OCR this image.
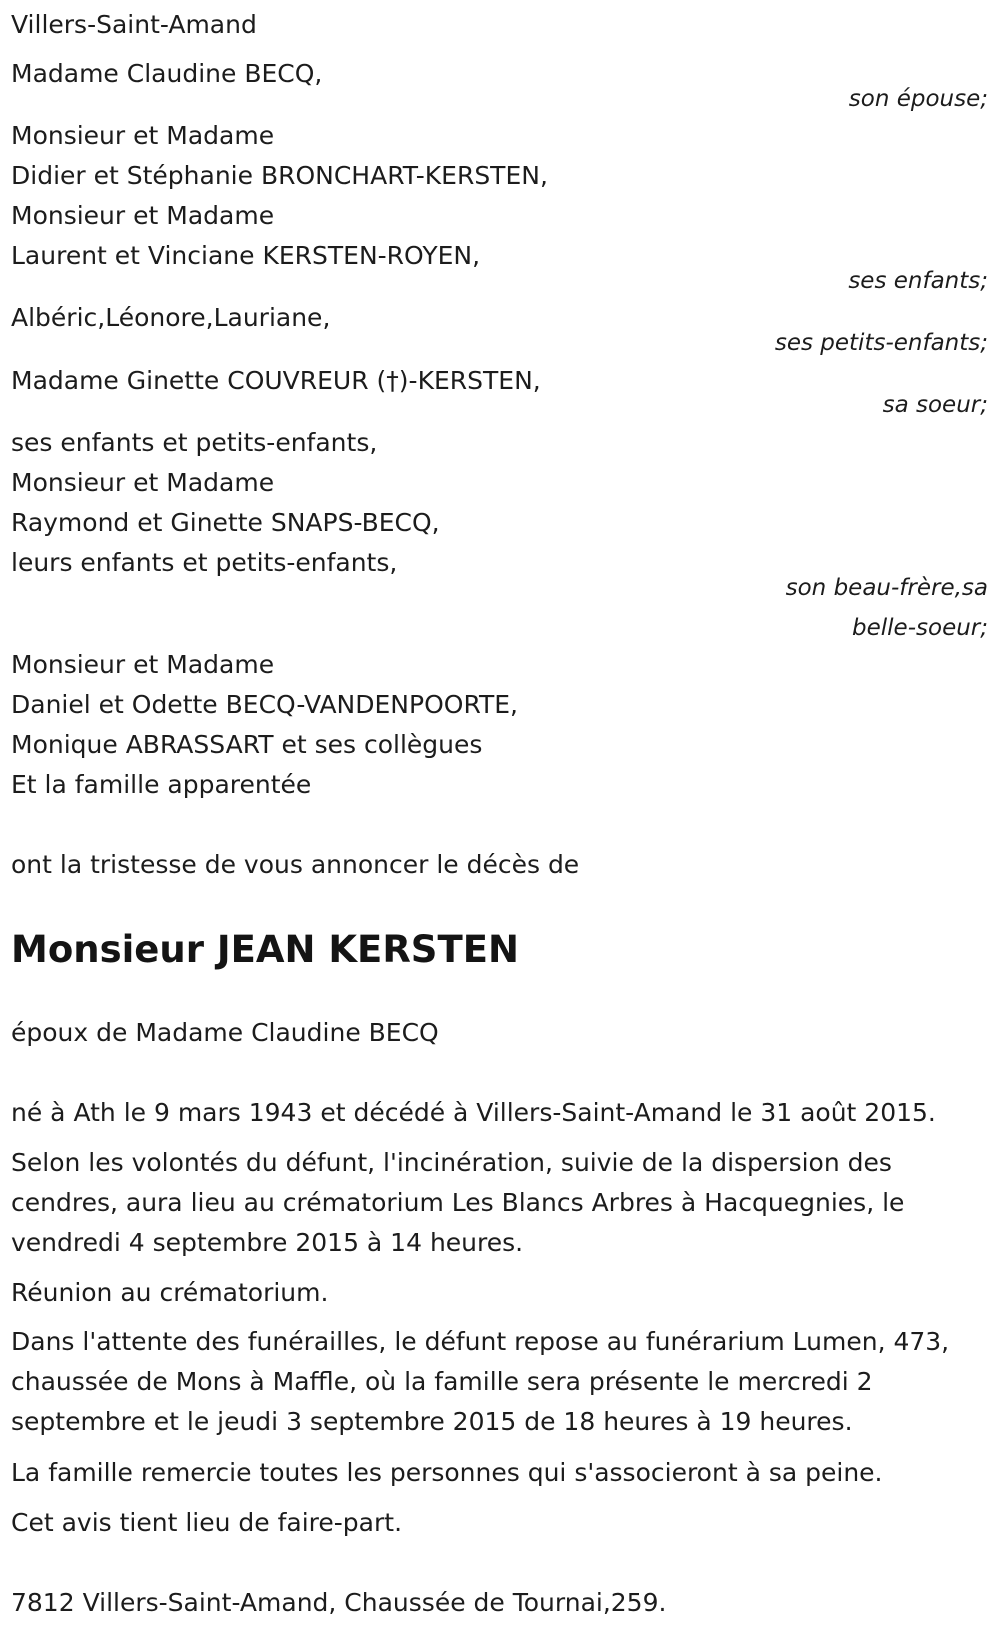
Villers-Saint-Amand
Madame Claudine BECQ,
son épouse;
Monsieur et Madame
Didier et Stéphanie BRONCHART-KERSTEN,
Monsieur et Madame
Laurent et Vinciane KERSTEN-ROYEN,
ses enfants;
Albéric,Léonore,Lauriane,
ses petits-enfants;
Madame Ginette COUVREUR (†)-KERSTEN,
sa soeur;
ses enfants et petits-enfants,
Monsieur et Madame
Raymond et Ginette SNAPS-BECQ,
leurs enfants et petits-enfants,
son beau-frère,sa
belle-soeur;
Monsieur et Madame
Daniel et Odette BECQ-VANDENPOORTE,
Monique ABRASSART et ses collègues
Et la famille apparentée
ont la tristesse de vous annoncer le décès de
Monsieur JEAN KERSTEN
époux de Madame Claudine BECQ
né à Ath le 9 mars 1943 et décédé à Villers-Saint-Amand le 31 août 2015.
Selon les volontés du défunt, l'incinération, suivie de la dispersion des cendres, aura lieu au crématorium Les Blancs Arbres à Hacquegnies, le vendredi 4 septembre 2015 à 14 heures.
Réunion au crématorium.
Dans l'attente des funérailles, le défunt repose au funérarium Lumen, 473, chaussée de Mons à Maffle, où la famille sera présente le mercredi 2 septembre et le jeudi 3 septembre 2015 de 18 heures à 19 heures.
La famille remercie toutes les personnes qui s'associeront à sa peine.
Cet avis tient lieu de faire-part.
7812 Villers-Saint-Amand, Chaussée de Tournai,259.
